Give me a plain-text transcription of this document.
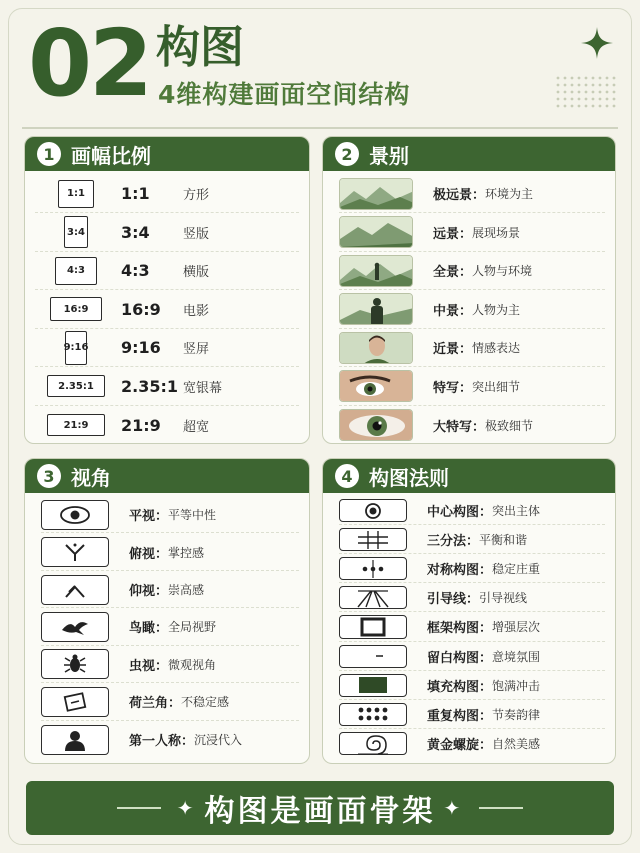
02 构图
4维构建画面空间结构
1 画幅比例
1:1	1:1	方形
3:4 3:4	竖版
4:3	4:3	横版
16:9	16:9	电影
9:16 9:16	竖屏
2.35:1	2.35:1 宽银幕
21:9	21:9	超宽
2 景别
极远景： 环境为主
远景： 展现场景
全景： 人物与环境
中景： 人物为主
近景： 情感表达
特写： 突出细节
大特写： 极致细节
3 视角
平视： 平等中性
俯视： 掌控感
仰视： 崇高感
鸟瞰： 全局视野
虫视： 微观视角
荷兰角： 不稳定感
第一人称： 沉浸代入
4 构图法则
中心构图： 突出主体
三分法： 平衡和谐
对称构图： 稳定庄重
引导线： 引导视线
框架构图： 增强层次
留白构图： 意境氛围
填充构图： 饱满冲击
重复构图： 节奏韵律
黄金螺旋： 自然美感
✦ 构图是画面骨架 ✦
